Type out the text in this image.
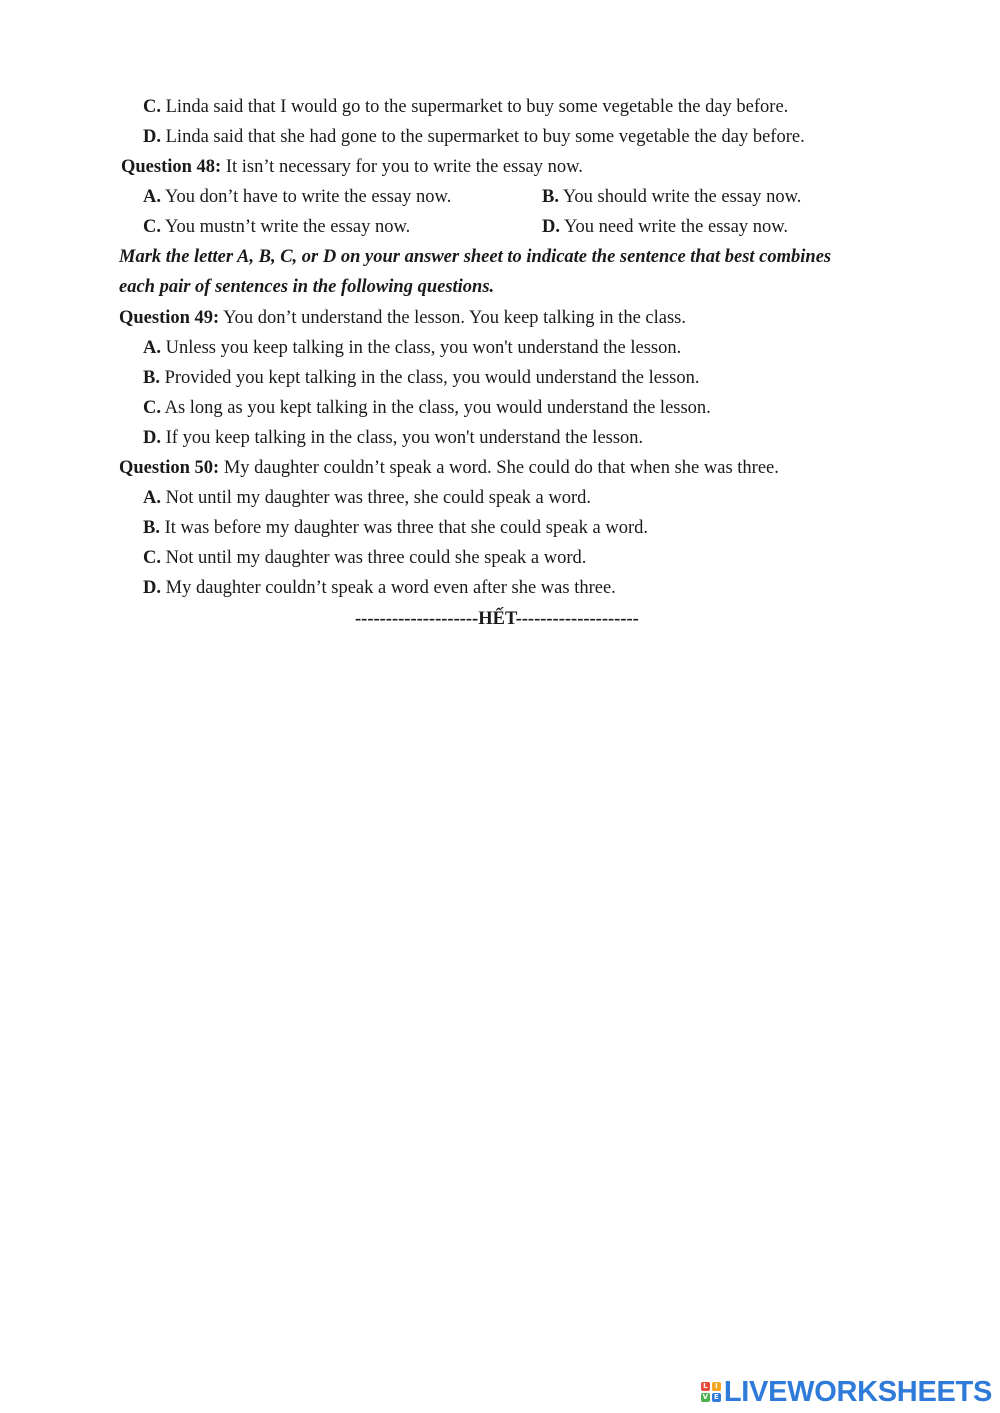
C. Linda said that I would go to the supermarket to buy some vegetable the day before.
D. Linda said that she had gone to the supermarket to buy some vegetable the day before.
Question 48: It isn’t necessary for you to write the essay now.
A. You don’t have to write the essay now.	B. You should write the essay now.
C. You mustn’t write the essay now.	D. You need write the essay now.
Mark the letter A, B, C, or D on your answer sheet to indicate the sentence that best combines
each pair of sentences in the following questions.
Question 49: You don’t understand the lesson. You keep talking in the class.
A. Unless you keep talking in the class, you won't understand the lesson.
B. Provided you kept talking in the class, you would understand the lesson.
C. As long as you kept talking in the class, you would understand the lesson.
D. If you keep talking in the class, you won't understand the lesson.
Question 50: My daughter couldn’t speak a word. She could do that when she was three.
A. Not until my daughter was three, she could speak a word.
B. It was before my daughter was three that she could speak a word.
C. Not until my daughter was three could she speak a word.
D. My daughter couldn’t speak a word even after she was three.
--------------------HẾT--------------------
L	I
V E LIVEWORKSHEETS
